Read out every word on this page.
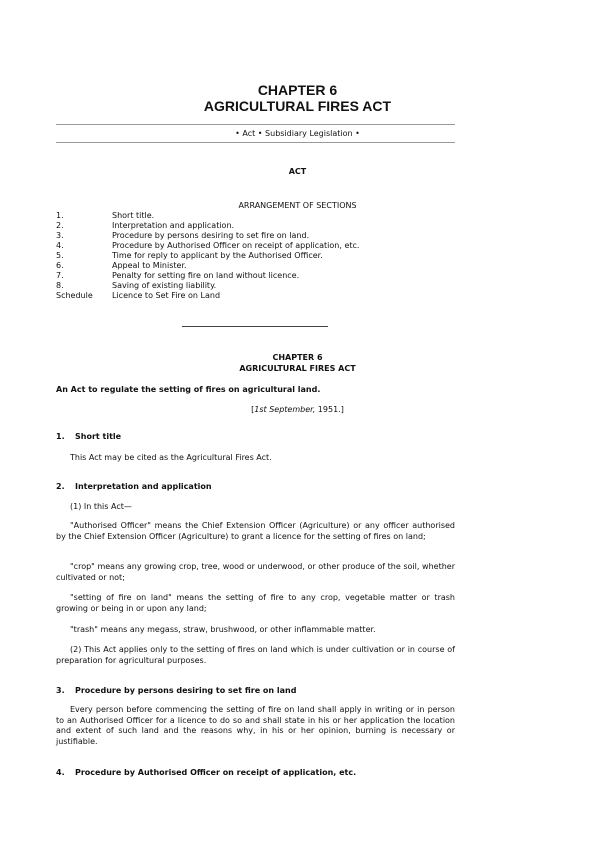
CHAPTER 6
AGRICULTURAL FIRES ACT
• Act • Subsidiary Legislation •
ACT
ARRANGEMENT OF SECTIONS
1.	Short title.
2.	Interpretation and application.
3.	Procedure by persons desiring to set fire on land.
4.	Procedure by Authorised Officer on receipt of application, etc.
5.	Time for reply to applicant by the Authorised Officer.
6.	Appeal to Minister.
7.	Penalty for setting fire on land without licence.
8.	Saving of existing liability.
Schedule Licence to Set Fire on Land
CHAPTER 6
AGRICULTURAL FIRES ACT
An Act to regulate the setting of fires on agricultural land.
[1st September, 1951.]
1. Short title
This Act may be cited as the Agricultural Fires Act.
2. Interpretation and application
(1) In this Act—
"Authorised Officer" means the Chief Extension Officer (Agriculture) or any officer authorised by the Chief Extension Officer (Agriculture) to grant a licence for the setting of fires on land;
"crop" means any growing crop, tree, wood or underwood, or other produce of the soil, whether cultivated or not;
"setting of fire on land" means the setting of fire to any crop, vegetable matter or trash growing or being in or upon any land;
"trash" means any megass, straw, brushwood, or other inflammable matter.
(2) This Act applies only to the setting of fires on land which is under cultivation or in course of preparation for agricultural purposes.
3. Procedure by persons desiring to set fire on land
Every person before commencing the setting of fire on land shall apply in writing or in person to an Authorised Officer for a licence to do so and shall state in his or her application the location and extent of such land and the reasons why, in his or her opinion, burning is necessary or justifiable.
4. Procedure by Authorised Officer on receipt of application, etc.
